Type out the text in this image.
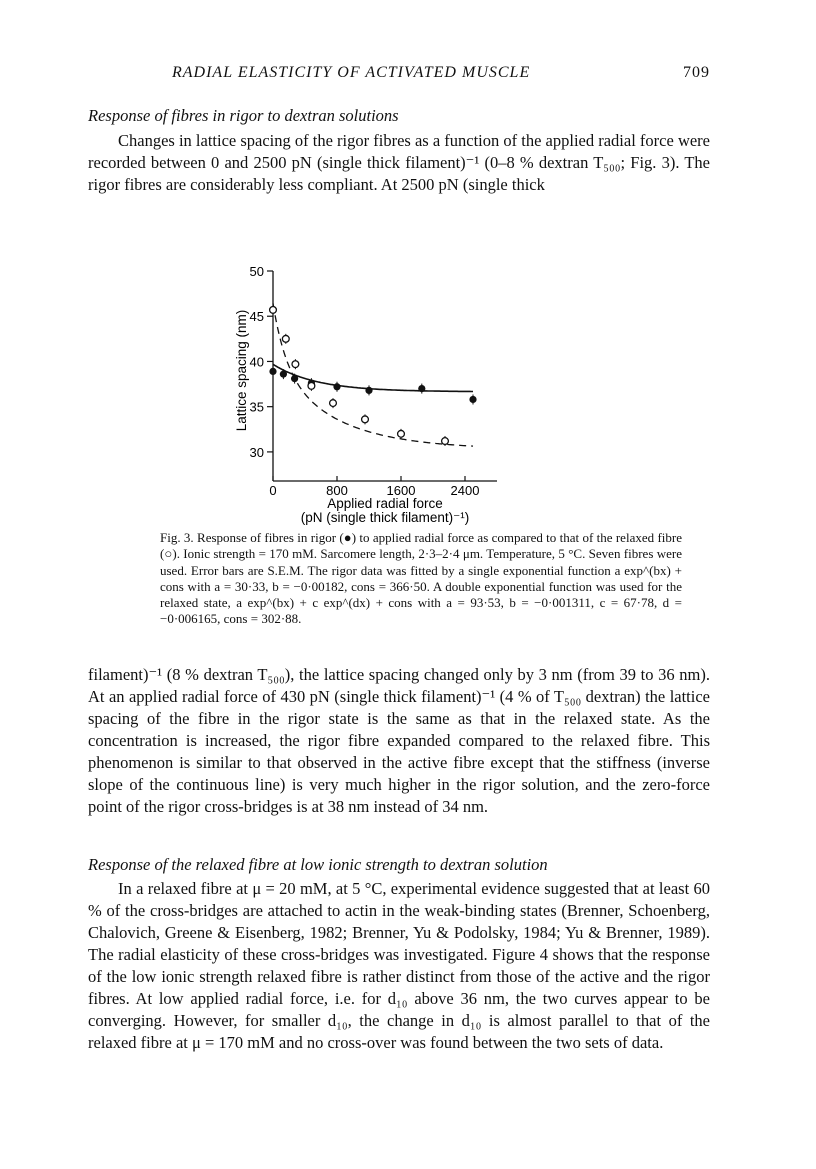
RADIAL ELASTICITY OF ACTIVATED MUSCLE	709
Response of fibres in rigor to dextran solutions

Changes in lattice spacing of the rigor fibres as a function of the applied radial force were recorded between 0 and 2500 pN (single thick filament)⁻¹ (0–8 % dextran T₅₀₀; Fig. 3). The rigor fibres are considerably less compliant. At 2500 pN (single thick

30
35
40
45
50
0	800	1600	2400
Applied radial force
(pN (single thick filament)⁻¹)
Lattice spacing (nm)

Fig. 3. Response of fibres in rigor (●) to applied radial force as compared to that of the relaxed fibre (○). Ionic strength = 170 mM. Sarcomere length, 2·3–2·4 μm. Temperature, 5 °C. Seven fibres were used. Error bars are S.E.M. The rigor data was fitted by a single exponential function a exp^(bx) + cons with a = 30·33, b = −0·00182, cons = 366·50. A double exponential function was used for the relaxed state, a exp^(bx) + c exp^(dx) + cons with a = 93·53, b = −0·001311, c = 67·78, d = −0·006165, cons = 302·88.

filament)⁻¹ (8 % dextran T₅₀₀), the lattice spacing changed only by 3 nm (from 39 to 36 nm). At an applied radial force of 430 pN (single thick filament)⁻¹ (4 % of T₅₀₀ dextran) the lattice spacing of the fibre in the rigor state is the same as that in the relaxed state. As the concentration is increased, the rigor fibre expanded compared to the relaxed fibre. This phenomenon is similar to that observed in the active fibre except that the stiffness (inverse slope of the continuous line) is very much higher in the rigor solution, and the zero-force point of the rigor cross-bridges is at 38 nm instead of 34 nm.

Response of the relaxed fibre at low ionic strength to dextran solution

In a relaxed fibre at μ = 20 mM, at 5 °C, experimental evidence suggested that at least 60 % of the cross-bridges are attached to actin in the weak-binding states (Brenner, Schoenberg, Chalovich, Greene & Eisenberg, 1982; Brenner, Yu & Podolsky, 1984; Yu & Brenner, 1989). The radial elasticity of these cross-bridges was investigated. Figure 4 shows that the response of the low ionic strength relaxed fibre is rather distinct from those of the active and the rigor fibres. At low applied radial force, i.e. for d₁₀ above 36 nm, the two curves appear to be converging. However, for smaller d₁₀, the change in d₁₀ is almost parallel to that of the relaxed fibre at μ = 170 mM and no cross-over was found between the two sets of data.
